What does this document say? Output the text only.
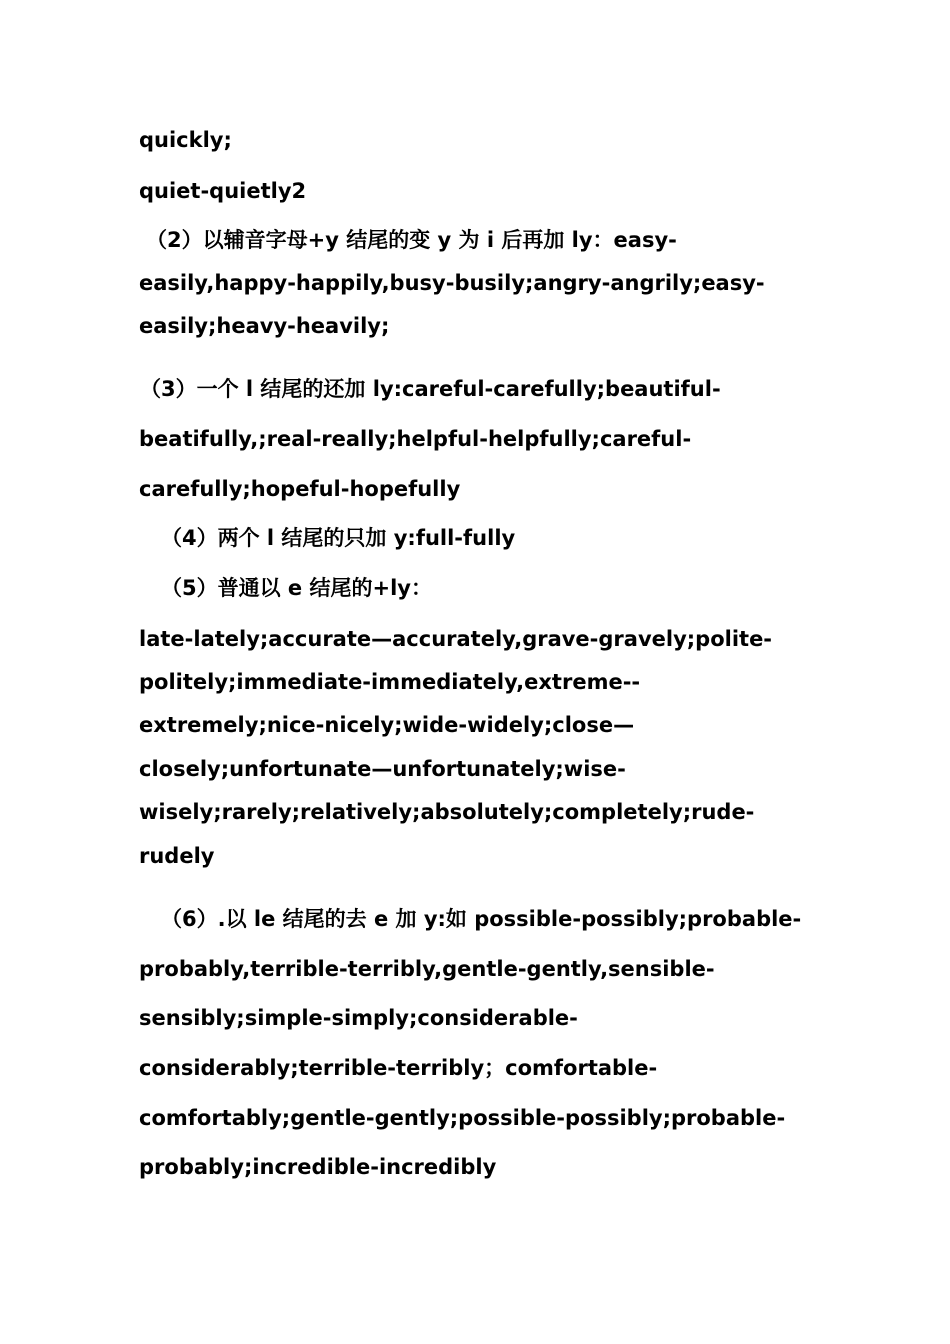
quickly;
quiet-quietly2
（2）以辅音字母+y 结尾的变 y 为 i 后再加 ly：easy-
easily,happy-happily,busy-busily;angry-angrily;easy-
easily;heavy-heavily;
（3）一个 l 结尾的还加 ly:careful-carefully;beautiful-
beatifully,;real-really;helpful-helpfully;careful-
carefully;hopeful-hopefully
（4）两个 l 结尾的只加 y:full-fully
（5）普通以 e 结尾的+ly：
late-lately;accurate—accurately,grave-gravely;polite-
politely;immediate-immediately,extreme--
extremely;nice-nicely;wide-widely;close—
closely;unfortunate—unfortunately;wise-
wisely;rarely;relatively;absolutely;completely;rude-
rudely
（6）.以 le 结尾的去 e 加 y:如 possible-possibly;probable-
probably,terrible-terribly,gentle-gently,sensible-
sensibly;simple-simply;considerable-
considerably;terrible-terribly；comfortable-
comfortably;gentle-gently;possible-possibly;probable-
probably;incredible-incredibly
